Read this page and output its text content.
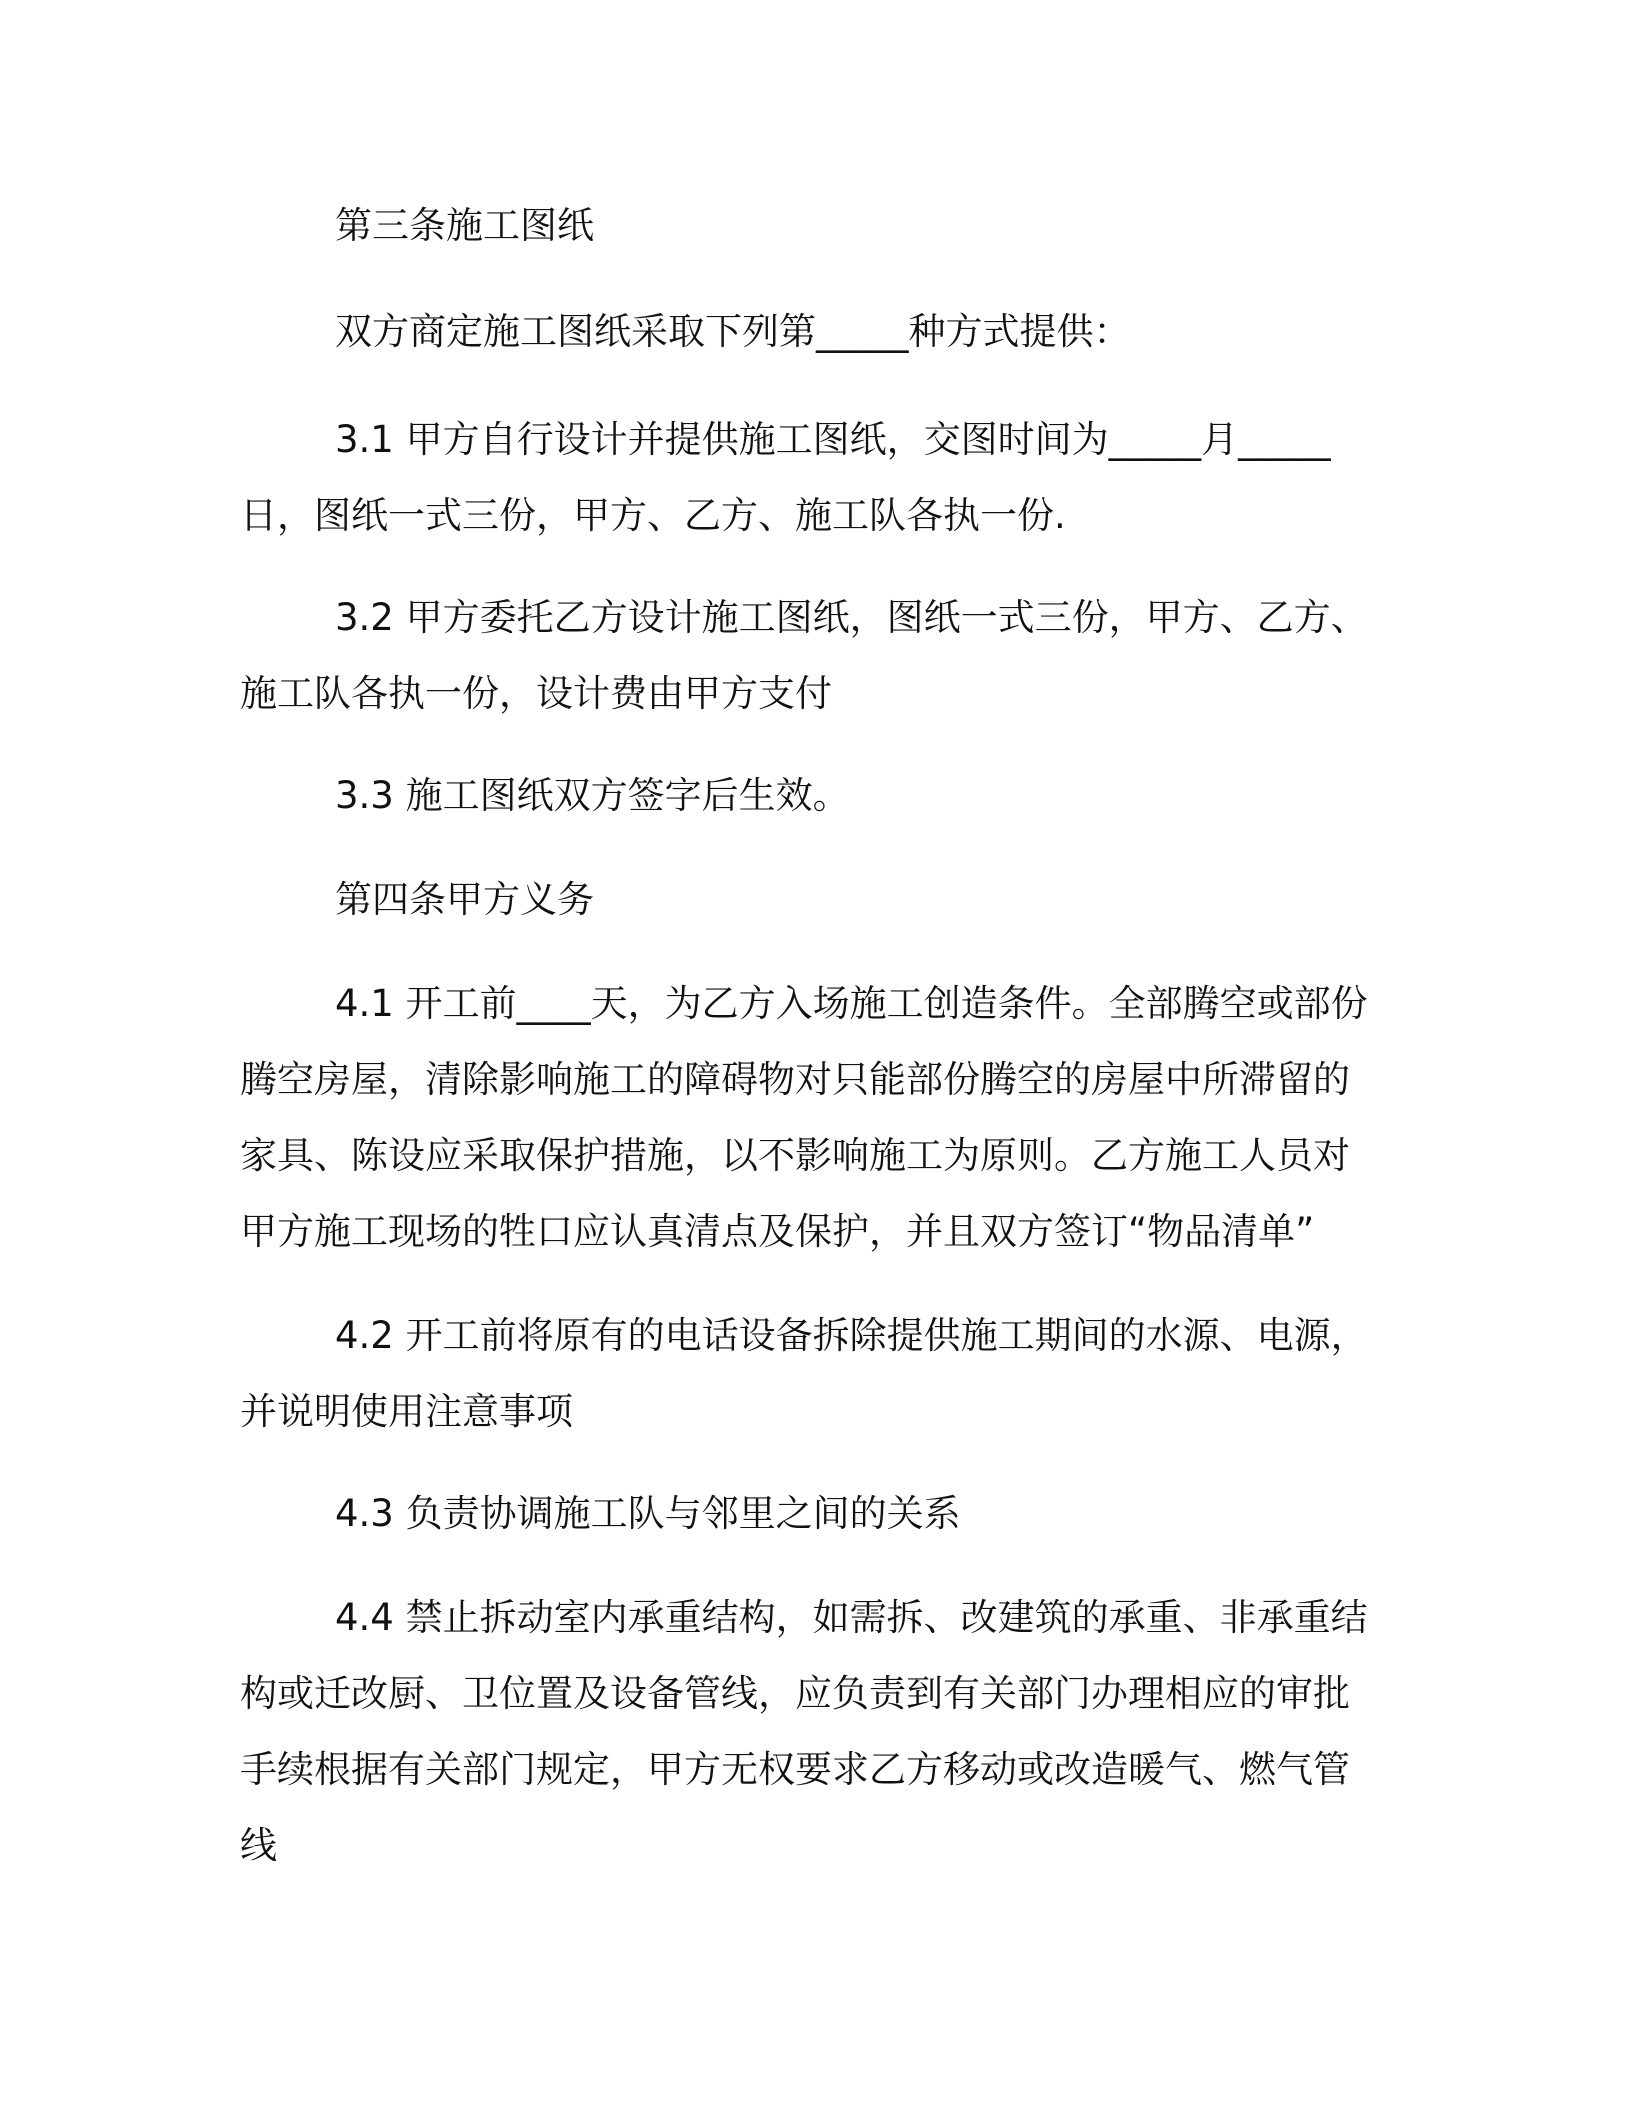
第三条施工图纸

双方商定施工图纸采取下列第_____种方式提供：

3.1 甲方自行设计并提供施工图纸，交图时间为_____月_____日，图纸一式三份，甲方、乙方、施工队各执一份.

3.2 甲方委托乙方设计施工图纸，图纸一式三份，甲方、乙方、施工队各执一份，设计费由甲方支付

3.3 施工图纸双方签字后生效。

第四条甲方义务

4.1 开工前____天，为乙方入场施工创造条件。全部腾空或部份腾空房屋，清除影响施工的障碍物对只能部份腾空的房屋中所滞留的家具、陈设应采取保护措施，以不影响施工为原则。乙方施工人员对甲方施工现场的牲口应认真清点及保护，并且双方签订“物品清单”

4.2 开工前将原有的电话设备拆除提供施工期间的水源、电源，并说明使用注意事项

4.3 负责协调施工队与邻里之间的关系

4.4 禁止拆动室内承重结构，如需拆、改建筑的承重、非承重结构或迁改厨、卫位置及设备管线，应负责到有关部门办理相应的审批手续根据有关部门规定，甲方无权要求乙方移动或改造暖气、燃气管线
